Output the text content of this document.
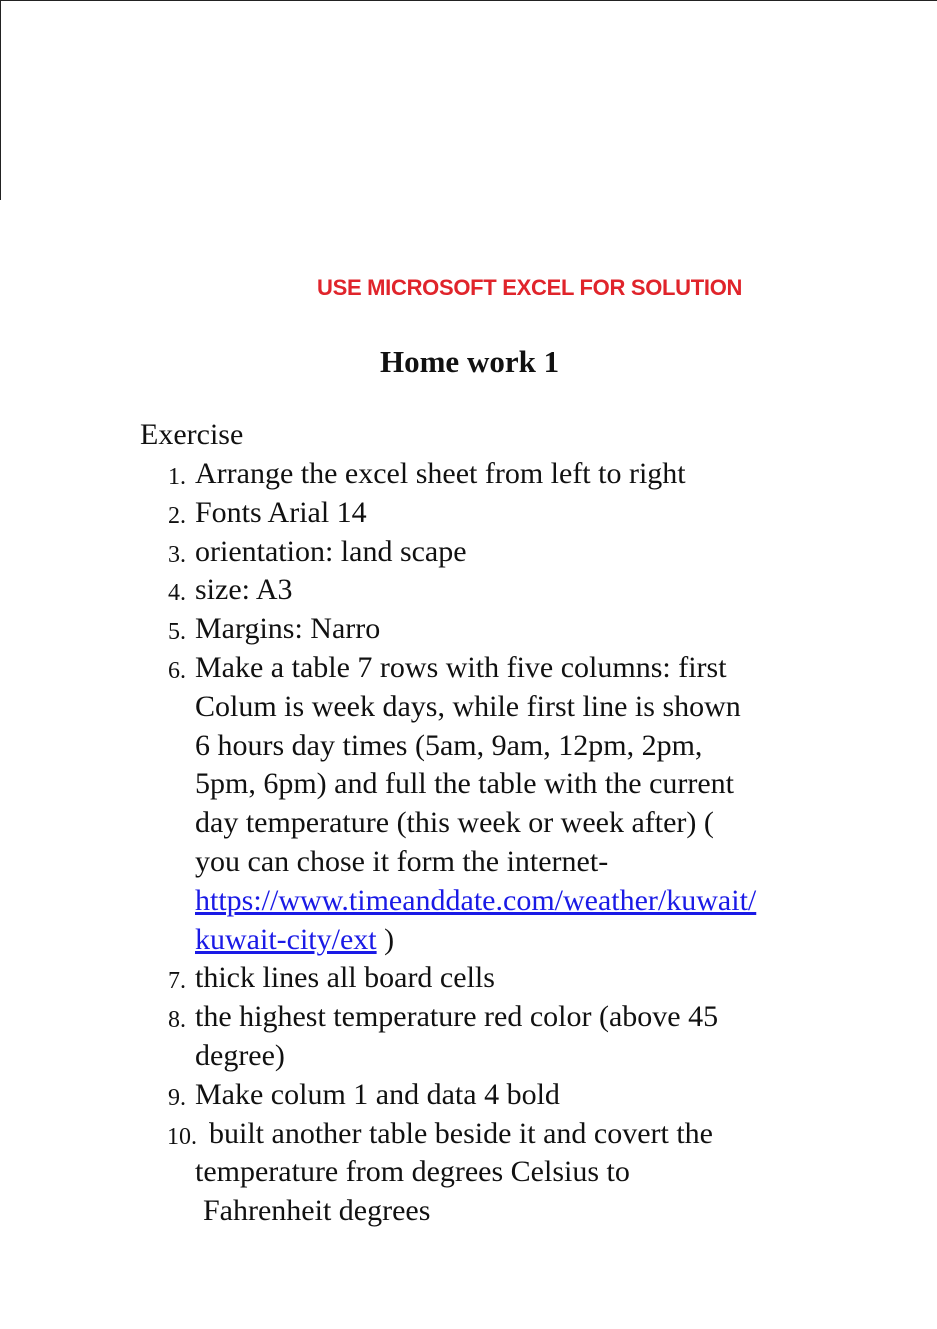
USE MICROSOFT EXCEL FOR SOLUTION
Home work 1
Exercise
1. Arrange the excel sheet from left to right
2. Fonts Arial 14
3. orientation: land scape
4. size: A3
5. Margins: Narro
6. Make a table 7 rows with five columns: first
Colum is week days, while first line is shown
6 hours day times (5am, 9am, 12pm, 2pm,
5pm, 6pm) and full the table with the current
day temperature (this week or week after) (
you can chose it form the internet-
https://www.timeanddate.com/weather/kuwait/
kuwait-city/ext )
7. thick lines all board cells
8. the highest temperature red color (above 45
degree)
9. Make colum 1 and data 4 bold
10. built another table beside it and covert the
temperature from degrees Celsius to
Fahrenheit degrees
